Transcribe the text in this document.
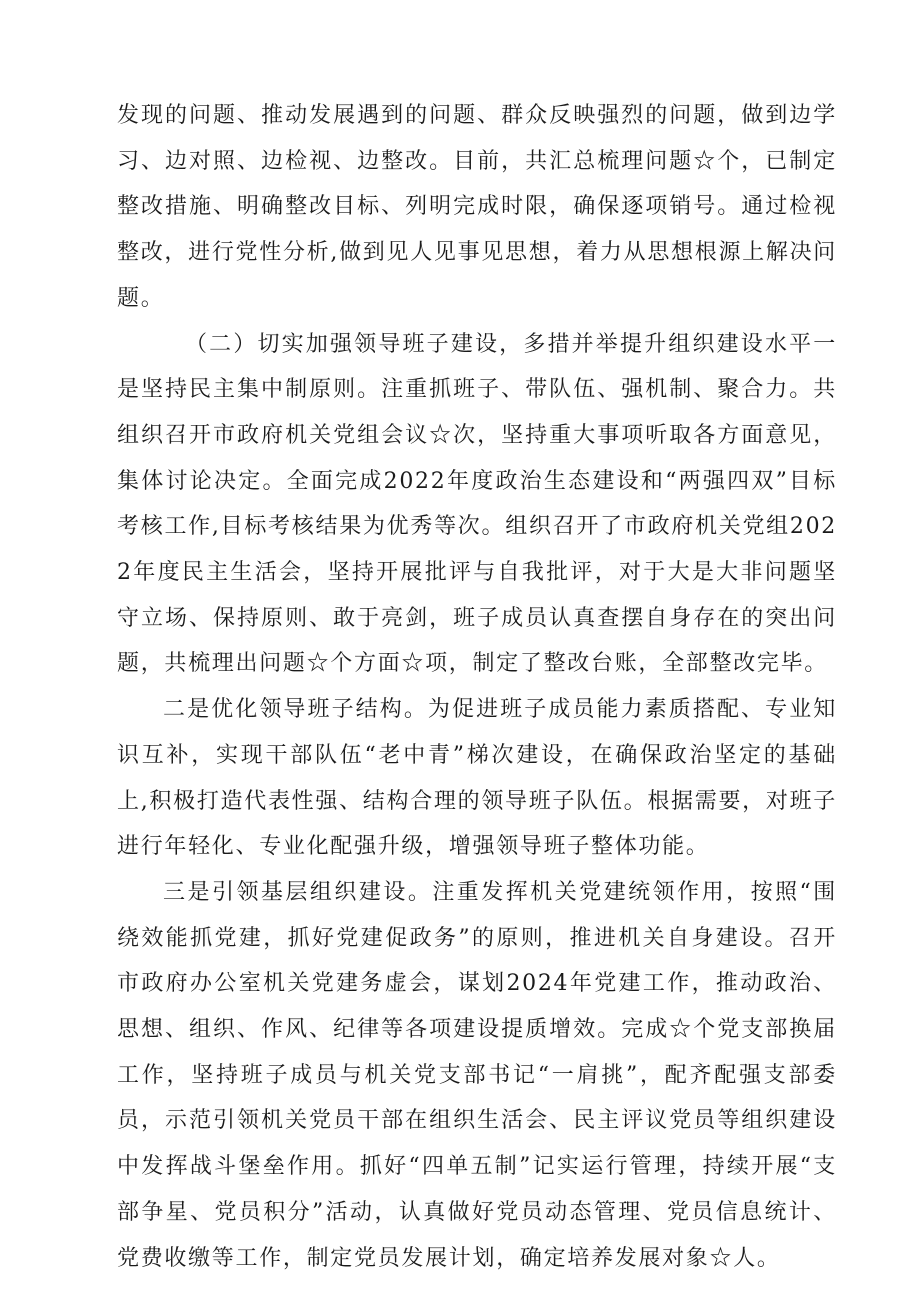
发现的问题、推动发展遇到的问题、群众反映强烈的问题，做到边学习、边对照、边检视、边整改。目前，共汇总梳理问题☆个，已制定整改措施、明确整改目标、列明完成时限，确保逐项销号。通过检视整改，进行党性分析,做到见人见事见思想，着力从思想根源上解决问题。

（二）切实加强领导班子建设，多措并举提升组织建设水平一是坚持民主集中制原则。注重抓班子、带队伍、强机制、聚合力。共组织召开市政府机关党组会议☆次，坚持重大事项听取各方面意见，集体讨论决定。全面完成2022年度政治生态建设和“两强四双”目标考核工作,目标考核结果为优秀等次。组织召开了市政府机关党组2022年度民主生活会，坚持开展批评与自我批评，对于大是大非问题坚守立场、保持原则、敢于亮剑，班子成员认真查摆自身存在的突出问题，共梳理出问题☆个方面☆项，制定了整改台账，全部整改完毕。

二是优化领导班子结构。为促进班子成员能力素质搭配、专业知识互补，实现干部队伍“老中青”梯次建设，在确保政治坚定的基础上,积极打造代表性强、结构合理的领导班子队伍。根据需要，对班子进行年轻化、专业化配强升级，增强领导班子整体功能。

三是引领基层组织建设。注重发挥机关党建统领作用，按照“围绕效能抓党建，抓好党建促政务”的原则，推进机关自身建设。召开市政府办公室机关党建务虚会，谋划2024年党建工作，推动政治、思想、组织、作风、纪律等各项建设提质增效。完成☆个党支部换届工作，坚持班子成员与机关党支部书记“一肩挑”，配齐配强支部委员，示范引领机关党员干部在组织生活会、民主评议党员等组织建设中发挥战斗堡垒作用。抓好“四单五制”记实运行管理，持续开展“支部争星、党员积分”活动，认真做好党员动态管理、党员信息统计、党费收缴等工作，制定党员发展计划，确定培养发展对象☆人。
